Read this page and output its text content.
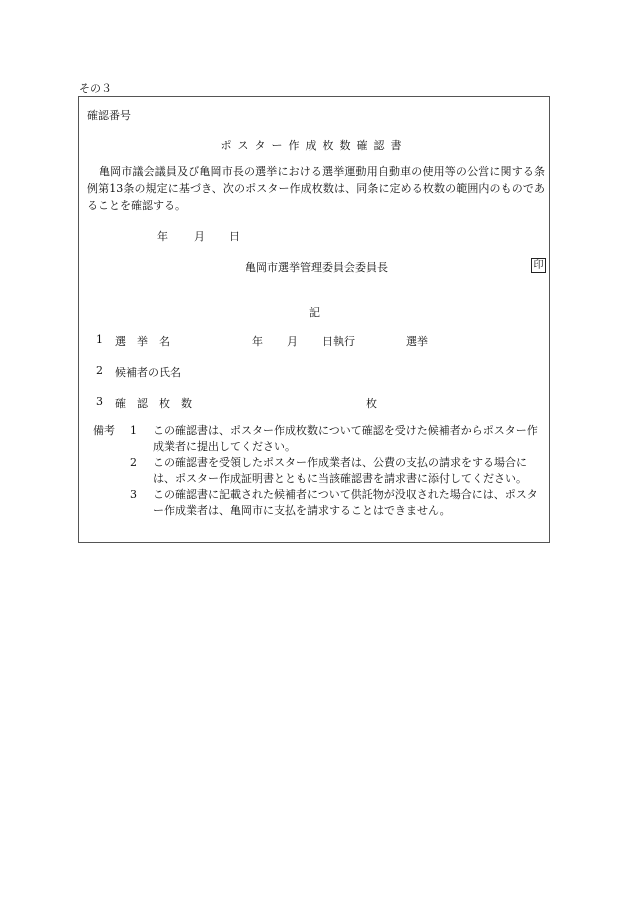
その３
確認番号
ポスター作成枚数確認書
亀岡市議会議員及び亀岡市長の選挙における選挙運動用自動車の使用等の公営に関する条例第13条の規定に基づき、次のポスター作成枚数は、同条に定める枚数の範囲内のものであることを確認する。
年 月 日
亀岡市選挙管理委員会委員長	印
記
1 選　挙　名	年 月 日執行	選挙
2 候補者の氏名
3 確　認　枚　数	枚
備考 1 この確認書は、ポスター作成枚数について確認を受けた候補者からポスター作成業者に提出してください。
2 この確認書を受領したポスター作成業者は、公費の支払の請求をする場合には、ポスター作成証明書とともに当該確認書を請求書に添付してください。
3 この確認書に記載された候補者について供託物が没収された場合には、ポスター作成業者は、亀岡市に支払を請求することはできません。
